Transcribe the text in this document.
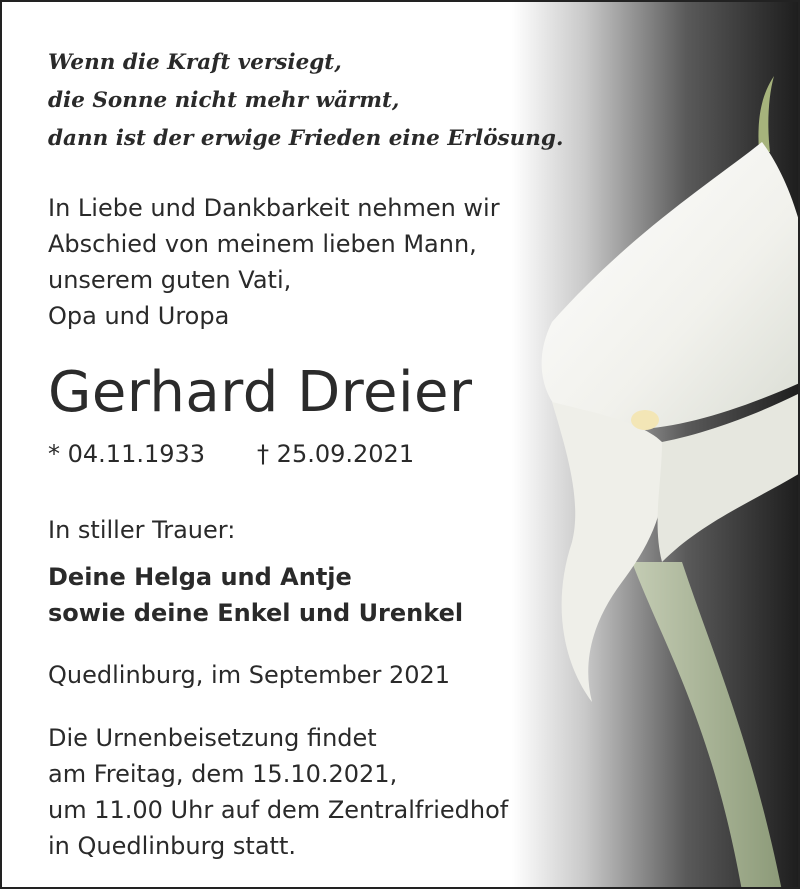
Wenn die Kraft versiegt,
die Sonne nicht mehr wärmt,
dann ist der erwige Frieden eine Erlösung.
In Liebe und Dankbarkeit nehmen wir
Abschied von meinem lieben Mann,
unserem guten Vati,
Opa und Uropa
Gerhard Dreier
* 04.11.1933 † 25.09.2021
In stiller Trauer:
Deine Helga und Antje
sowie deine Enkel und Urenkel
Quedlinburg, im September 2021
Die Urnenbeisetzung findet
am Freitag, dem 15.10.2021,
um 11.00 Uhr auf dem Zentralfriedhof
in Quedlinburg statt.
